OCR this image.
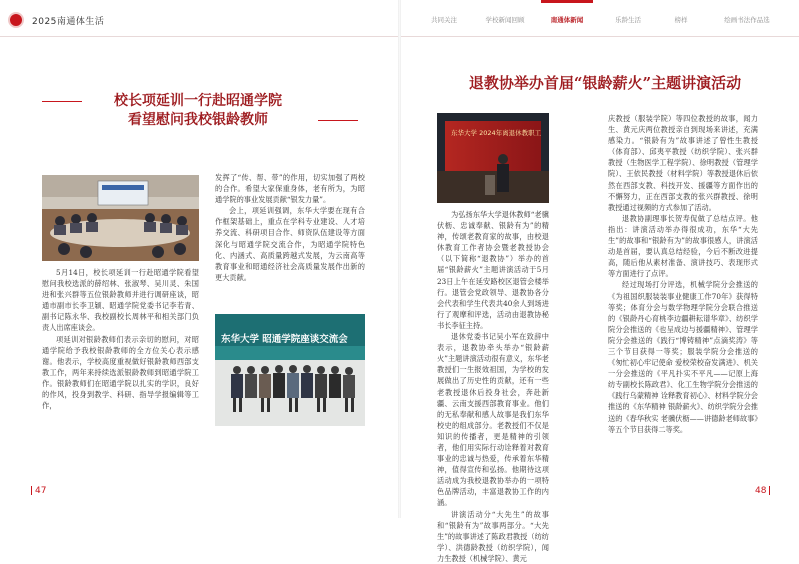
2025南通体生活	共同关注	学校新闻回顾	南通体新闻	乐龄生活	榜样	绘画书法作品选
校长项延训一行赴昭通学院
看望慰问我校银龄教师

5月14日，校长项延训一行赴昭通学院看望慰问我校选派的薛绍林、张淑琴、吴川灵、朱国进和张兴群等五位银龄教师并进行调研座谈，昭通市副市长李卫颖、昭通学院党委书记李若青、副书记陈永华、我校副校长周林平和相关部门负责人出席座谈会。

项延训对银龄教师们表示亲切的慰问，对昭通学院给予我校银龄教师的全方位关心表示感谢。他表示，学校高度重视做好银龄教师西部支教工作，两年来持续选派银龄教师到昭通学院工作。银龄教师们在昭通学院以扎实的学识，良好的作风，投身到教学、科研、指导学报编辑等工作，

发挥了“传、帮、带”的作用，切实加强了两校的合作。希望大家保重身体，老有所为，为昭通学院的事业发展贡献“银发力量”。

会上，项延训强调，东华大学要在现有合作框架基础上，重点在学科专业建设、人才培养交流、科研项目合作、师资队伍建设等方面深化与昭通学院交流合作，为昭通学院特色化、内涵式、高质量跨越式发展，为云南高等教育事业和昭通经济社会高质量发展作出新的更大贡献。

东华大学 昭通学院座谈交流会
47
退教协举办首届“银龄薪火”主题讲演活动
东华大学 2024年离退休教职工

为弘扬东华大学退休教师“老骥伏枥、忠诚奉献、银龄有为”的精神，传颂老教育家的故事，由校退休教育工作者协会暨老教授协会（以下简称“退教协”）举办的首届“银龄薪火”主题讲演活动于5月23日上午在延安路校区退管会楼举行。退管会党政领导、退教协各分会代表和学生代表共40余人到场进行了观摩和评选，活动由退教协秘书长李征主持。

退休党委书记吴小军在致辞中表示，退教协牵头举办“银龄薪火”主题讲演活动很有意义，东华老教授们一生报效祖国，为学校的发展做出了历史性的贡献，还有一些老教授退休后投身社会，奔赴新疆、云南支援西部教育事业。他们的无私奉献和感人故事是我们东华校史的组成部分。老教授们不仅是知识的传播者，更是精神的引领者，他们用实际行动诠释着对教育事业的忠诚与热爱，传承着东华精神，值得宣传和弘扬。他期待这项活动成为我校退教协举办的一项特色品牌活动，丰富退教协工作的内涵。

讲演活动分“大先生”的故事和“银龄有为”故事两部分。“大先生”的故事讲述了陈政君教授（纺纺学）、洪德龄教授（纺织学院），闻力生教授（机械学院）、黄元

庆教授（服装学院）等四位教授的故事，闻力生、黄元庆两位教授亲自到现场来讲述，充满感染力。“银龄有为”故事讲述了曾性生教授（体育部）、邱夷平教授（纺织学院）、张兴群教授（生物医学工程学院）、徐明教授（管理学院）、王依民教授（材料学院）等教授退休后依然在西部支教、科技开发、援疆等方面作出的不懈努力，正在西部支教的张兴群教授、徐明教授通过视频的方式参加了活动。

退教协副理事长贺寿侃做了总结点评。他指出：讲演活动举办得很成功，东华“大先生”的故事和“银龄有为”的故事很感人，讲演活动是首届，要认真总结经验，今后不断改进提高，随后他从素材准备、演讲技巧、表现形式等方面进行了点评。

经过现场打分评选，机械学院分会推送的《为祖国织服装装事业健康工作70年》获得特等奖；体育分会与数学物理学院分会联合推送的《银龄丹心育桃李边疆耕耘谱华章》、纺织学院分会推送的《也呈成边与援疆精神》、管理学院分会推送的《践行“博铸精神”点滴奖涛》等三个节目获得一等奖；服装学院分会推送的《匆忙初心牢记使命 爱校荣校奋发满进》、机关一分会推送的《平凡扑实不平凡——记原上海纺专副校长陈政君》、化工生物学院分会推送的《践行乌蒙精神 诠释教育初心》、材料学院分会推送的《东华精神 银龄薪火》、纺织学院分会推送的《春华秋实 老骥伏枥——讲德龄老师故事》等五个节目获得二等奖。

48
